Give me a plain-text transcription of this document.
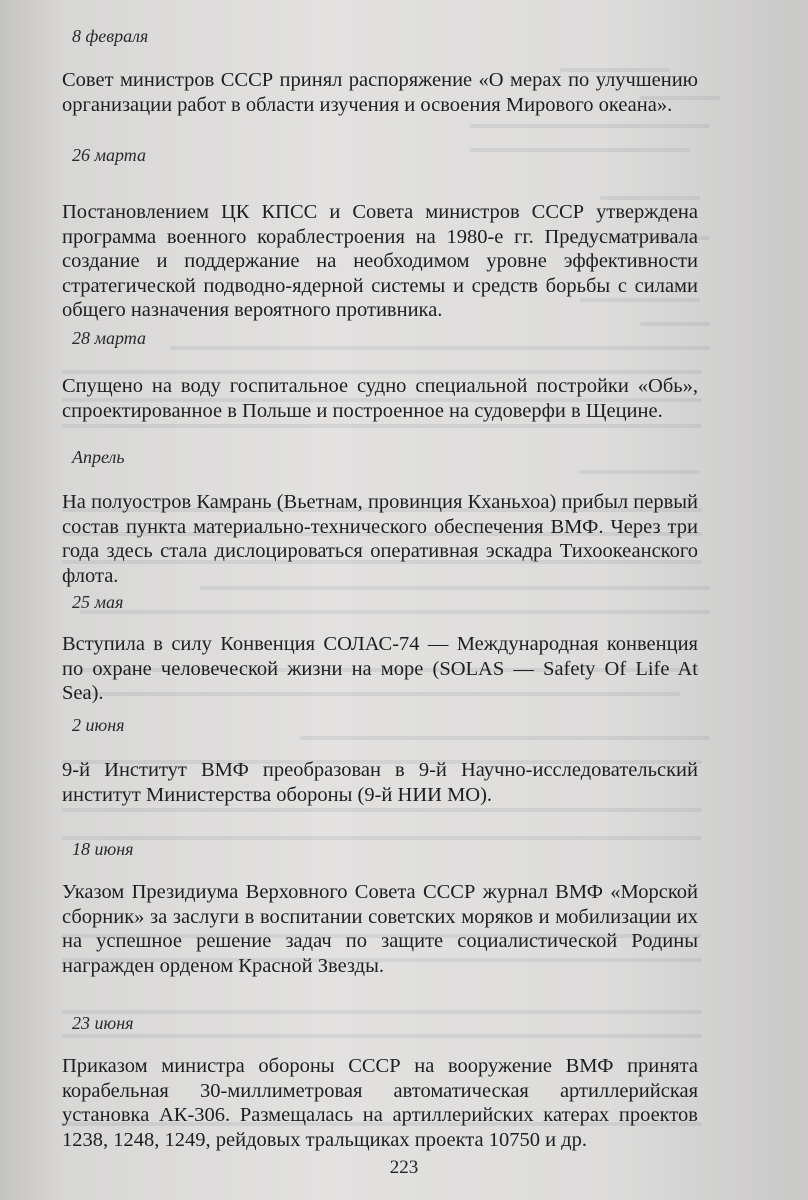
8 февраля

Совет министров СССР принял распоряжение «О мерах по улучшению организации работ в области изучения и освоения Мирового океана».

26 марта

Постановлением ЦК КПСС и Совета министров СССР утверждена программа военного кораблестроения на 1980-е гг. Предусматривала создание и поддержание на необходимом уровне эффективности стратегической подводно-ядерной системы и средств борьбы с силами общего назначения вероятного противника.

28 марта

Спущено на воду госпитальное судно специальной постройки «Обь», спроектированное в Польше и построенное на судоверфи в Щецине.

Апрель

На полуостров Камрань (Вьетнам, провинция Кханьхоа) прибыл первый состав пункта материально-технического обеспечения ВМФ. Через три года здесь стала дислоцироваться оперативная эскадра Тихоокеанского флота.

25 мая

Вступила в силу Конвенция СОЛАС-74 — Международная конвенция по охране человеческой жизни на море (SOLAS — Safety Of Life At Sea).

2 июня

9-й Институт ВМФ преобразован в 9-й Научно-исследовательский институт Министерства обороны (9-й НИИ МО).

18 июня

Указом Президиума Верховного Совета СССР журнал ВМФ «Морской сборник» за заслуги в воспитании советских моряков и мобилизации их на успешное решение задач по защите социалистической Родины награжден орденом Красной Звезды.

23 июня

Приказом министра обороны СССР на вооружение ВМФ принята корабельная 30-миллиметровая автоматическая артиллерийская установка АК-306. Размещалась на артиллерийских катерах проектов 1238, 1248, 1249, рейдовых тральщиках проекта 10750 и др.

223
